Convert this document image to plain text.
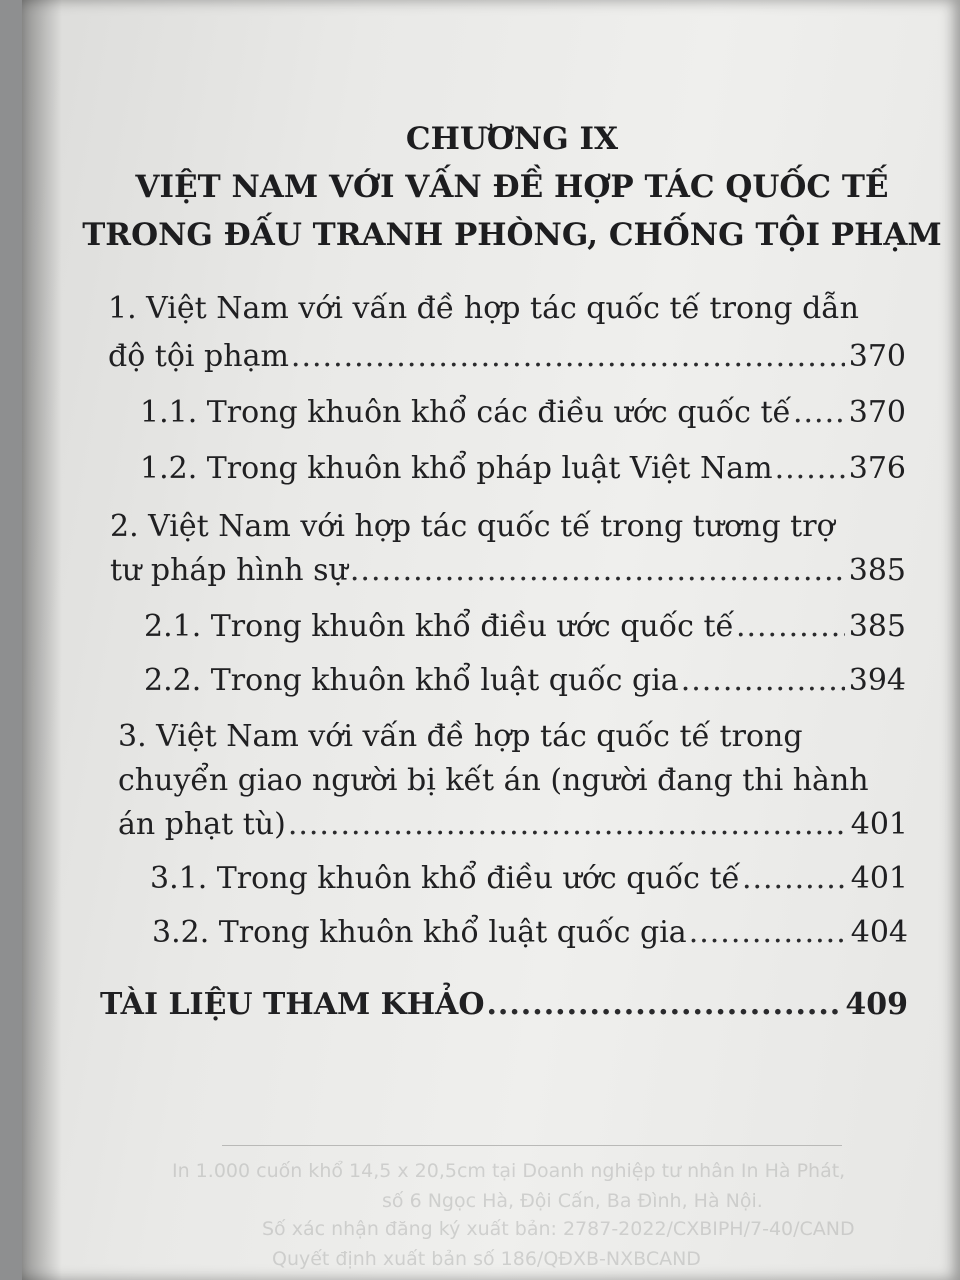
CHƯƠNG IX
VIỆT NAM VỚI VẤN ĐỀ HỢP TÁC QUỐC TẾ
TRONG ĐẤU TRANH PHÒNG, CHỐNG TỘI PHẠM
1. Việt Nam với vấn đề hợp tác quốc tế trong dẫn
độ tội phạm .....	370
1.1. Trong khuôn khổ các điều ước quốc tế ..... 370
1.2. Trong khuôn khổ pháp luật Việt Nam .....	376
2. Việt Nam với hợp tác quốc tế trong tương trợ
tư pháp hình sự .....	385
2.1. Trong khuôn khổ điều ước quốc tế .....	385
2.2. Trong khuôn khổ luật quốc gia .....	394
3. Việt Nam với vấn đề hợp tác quốc tế trong
chuyển giao người bị kết án (người đang thi hành
án phạt tù) .....	401
3.1. Trong khuôn khổ điều ước quốc tế .....	401
3.2. Trong khuôn khổ luật quốc gia .....	404
TÀI LIỆU THAM KHẢO .....	409
In 1.000 cuốn khổ 14,5 x 20,5cm tại Doanh nghiệp tư nhân In Hà Phát,
số 6 Ngọc Hà, Đội Cấn, Ba Đình, Hà Nội.
Số xác nhận đăng ký xuất bản: 2787-2022/CXBIPH/7-40/CAND
Quyết định xuất bản số 186/QĐXB-NXBCAND
